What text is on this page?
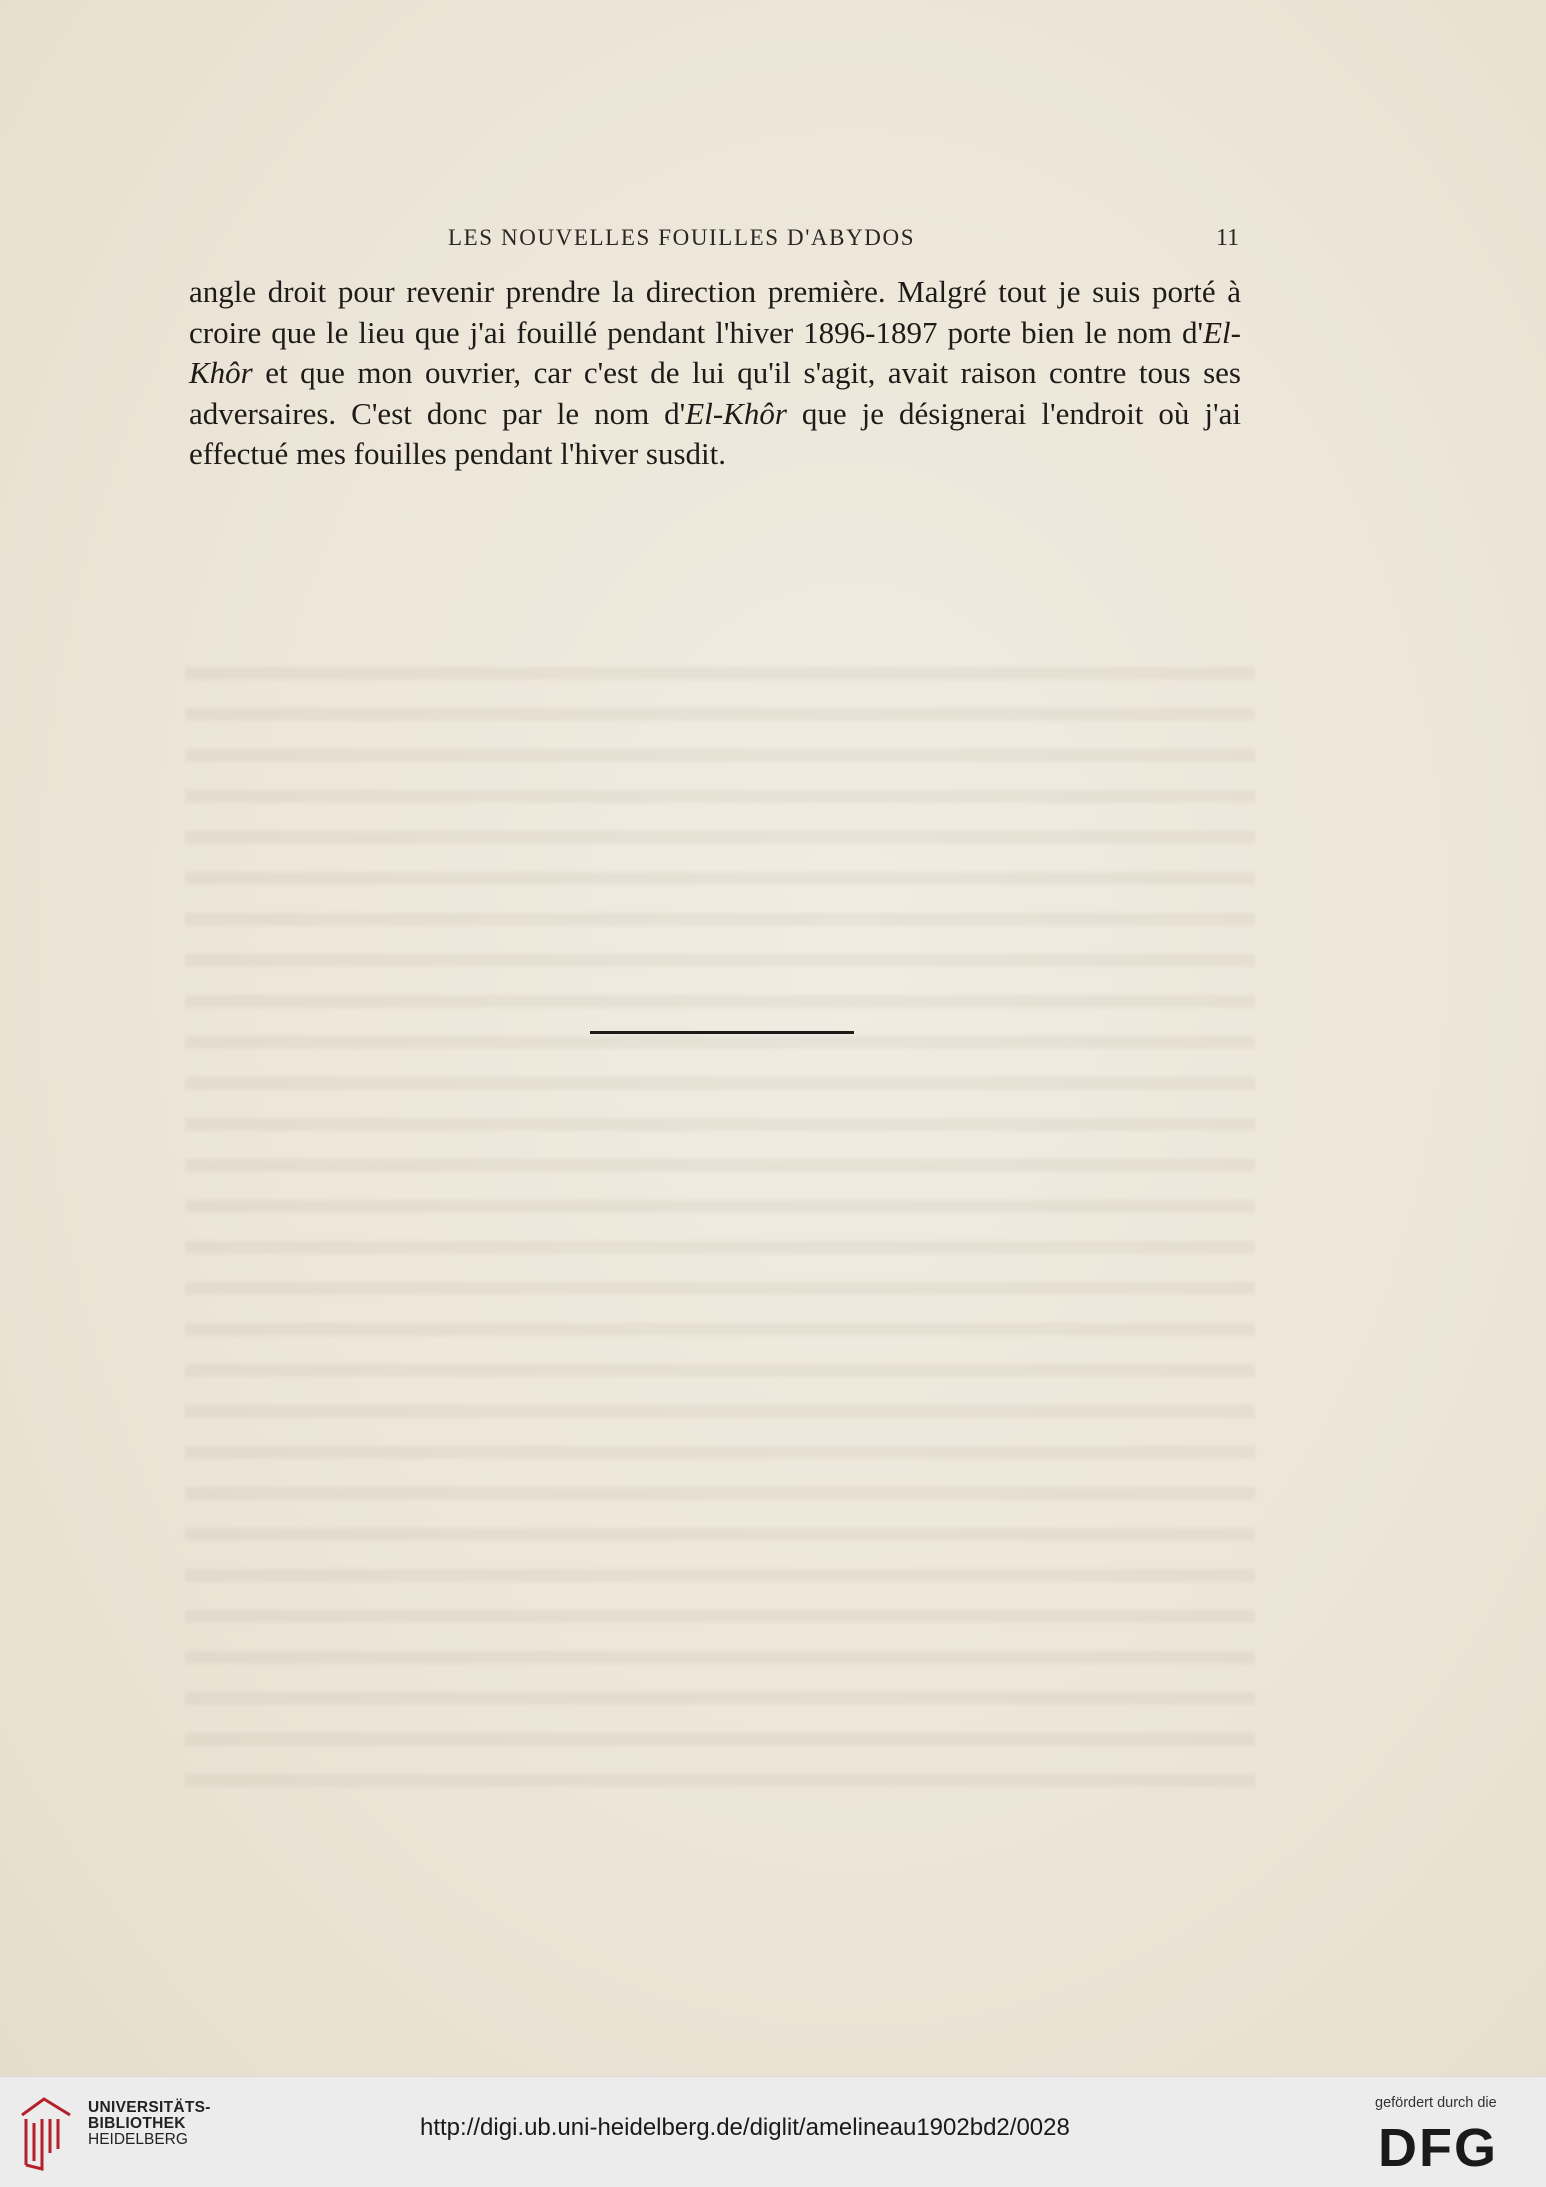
LES NOUVELLES FOUILLES D'ABYDOS	11

angle droit pour revenir prendre la direction première. Malgré tout je suis porté à croire que le lieu que j'ai fouillé pendant l'hiver 1896-1897 porte bien le nom d'El-Khôr et que mon ouvrier, car c'est de lui qu'il s'agit, avait raison contre tous ses adversaires. C'est donc par le nom d'El-Khôr que je désignerai l'endroit où j'ai effectué mes fouilles pendant l'hiver susdit.

UNIVERSITÄTS-
BIBLIOTHEK
HEIDELBERG	http://digi.ub.uni-heidelberg.de/diglit/amelineau1902bd2/0028
gefördert durch die
DFG
